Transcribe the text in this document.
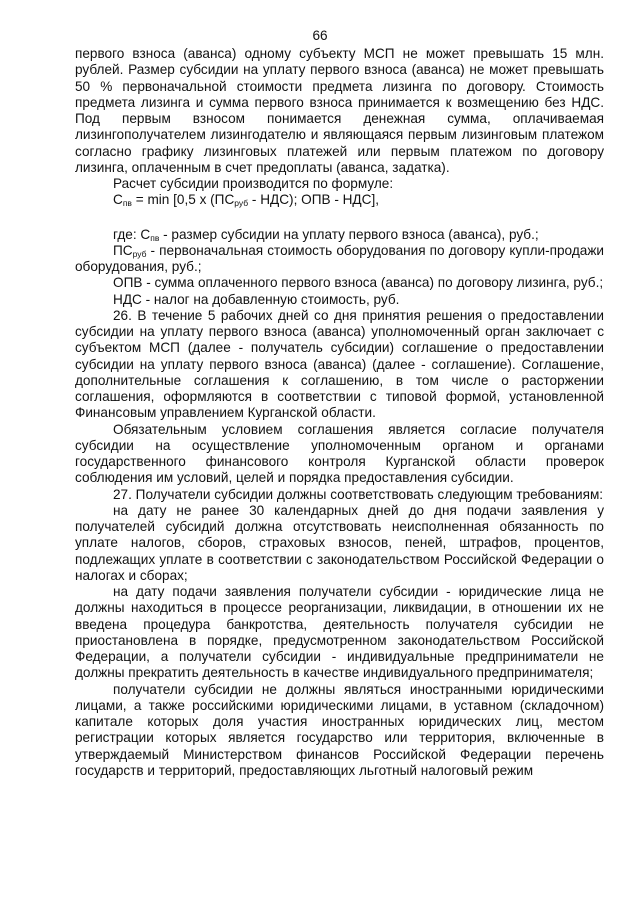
66

первого взноса (аванса) одному субъекту МСП не может превышать 15 млн. рублей. Размер субсидии на уплату первого взноса (аванса) не может превышать 50 % первоначальной стоимости предмета лизинга по договору. Стоимость предмета лизинга и сумма первого взноса принимается к возмещению без НДС. Под первым взносом понимается денежная сумма, оплачиваемая лизингополучателем лизингодателю и являющаяся первым лизинговым платежом согласно графику лизинговых платежей или первым платежом по договору лизинга, оплаченным в счет предоплаты (аванса, задатка).

Расчет субсидии производится по формуле:

$С_{пв} = \min [0,5$ х $(ПС_{руб} - НДС)$; ОПВ - НДС],

где: $С_{пв}$ - размер субсидии на уплату первого взноса (аванса), руб.;

$ПС_{руб}$ - первоначальная стоимость оборудования по договору купли-продажи оборудования, руб.;

ОПВ - сумма оплаченного первого взноса (аванса) по договору лизинга, руб.;

НДС - налог на добавленную стоимость, руб.

26. В течение 5 рабочих дней со дня принятия решения о предоставлении субсидии на уплату первого взноса (аванса) уполномоченный орган заключает с субъектом МСП (далее - получатель субсидии) соглашение о предоставлении субсидии на уплату первого взноса (аванса) (далее - соглашение). Соглашение, дополнительные соглашения к соглашению, в том числе о расторжении соглашения, оформляются в соответствии с типовой формой, установленной Финансовым управлением Курганской области.

Обязательным условием соглашения является согласие получателя субсидии на осуществление уполномоченным органом и органами государственного финансового контроля Курганской области проверок соблюдения им условий, целей и порядка предоставления субсидии.

27. Получатели субсидии должны соответствовать следующим требованиям:

на дату не ранее 30 календарных дней до дня подачи заявления у получателей субсидий должна отсутствовать неисполненная обязанность по уплате налогов, сборов, страховых взносов, пеней, штрафов, процентов, подлежащих уплате в соответствии с законодательством Российской Федерации о налогах и сборах;

на дату подачи заявления получатели субсидии - юридические лица не должны находиться в процессе реорганизации, ликвидации, в отношении их не введена процедура банкротства, деятельность получателя субсидии не приостановлена в порядке, предусмотренном законодательством Российской Федерации, а получатели субсидии - индивидуальные предприниматели не должны прекратить деятельность в качестве индивидуального предпринимателя;

получатели субсидии не должны являться иностранными юридическими лицами, а также российскими юридическими лицами, в уставном (складочном) капитале которых доля участия иностранных юридических лиц, местом регистрации которых является государство или территория, включенные в утверждаемый Министерством финансов Российской Федерации перечень государств и территорий, предоставляющих льготный налоговый режим
